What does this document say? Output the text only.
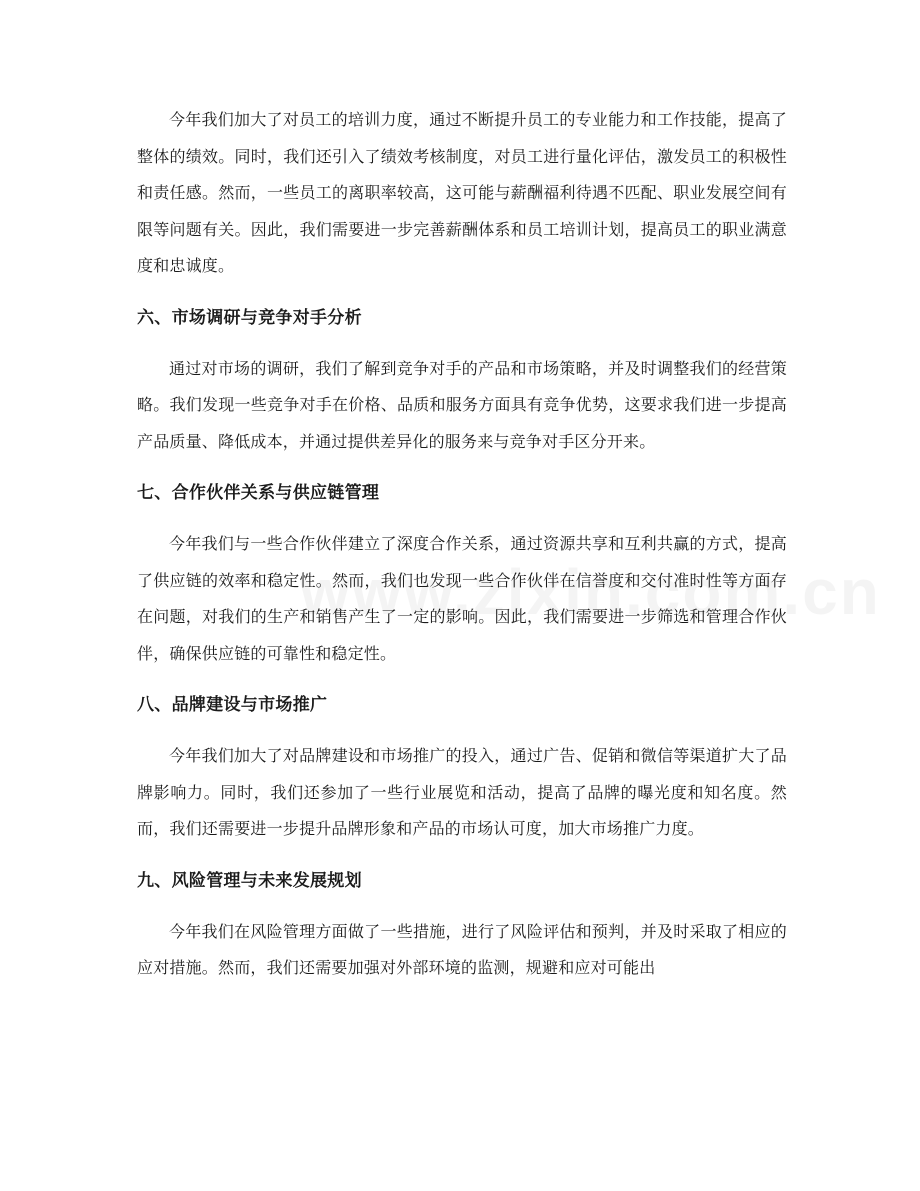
今年我们加大了对员工的培训力度，通过不断提升员工的专业能力和工作技能，提高了整体的绩效。同时，我们还引入了绩效考核制度，对员工进行量化评估，激发员工的积极性和责任感。然而，一些员工的离职率较高，这可能与薪酬福利待遇不匹配、职业发展空间有限等问题有关。因此，我们需要进一步完善薪酬体系和员工培训计划，提高员工的职业满意度和忠诚度。

六、市场调研与竞争对手分析

通过对市场的调研，我们了解到竞争对手的产品和市场策略，并及时调整我们的经营策略。我们发现一些竞争对手在价格、品质和服务方面具有竞争优势，这要求我们进一步提高产品质量、降低成本，并通过提供差异化的服务来与竞争对手区分开来。

七、合作伙伴关系与供应链管理

今年我们与一些合作伙伴建立了深度合作关系，通过资源共享和互利共赢的方式，提高了供应链的效率和稳定性。然而，我们也发现一些合作伙伴在信誉度和交付准时性等方面存在问题，对我们的生产和销售产生了一定的影响。因此，我们需要进一步筛选和管理合作伙伴，确保供应链的可靠性和稳定性。

八、品牌建设与市场推广

今年我们加大了对品牌建设和市场推广的投入，通过广告、促销和微信等渠道扩大了品牌影响力。同时，我们还参加了一些行业展览和活动，提高了品牌的曝光度和知名度。然而，我们还需要进一步提升品牌形象和产品的市场认可度，加大市场推广力度。

九、风险管理与未来发展规划

今年我们在风险管理方面做了一些措施，进行了风险评估和预判，并及时采取了相应的应对措施。然而，我们还需要加强对外部环境的监测，规避和应对可能出
